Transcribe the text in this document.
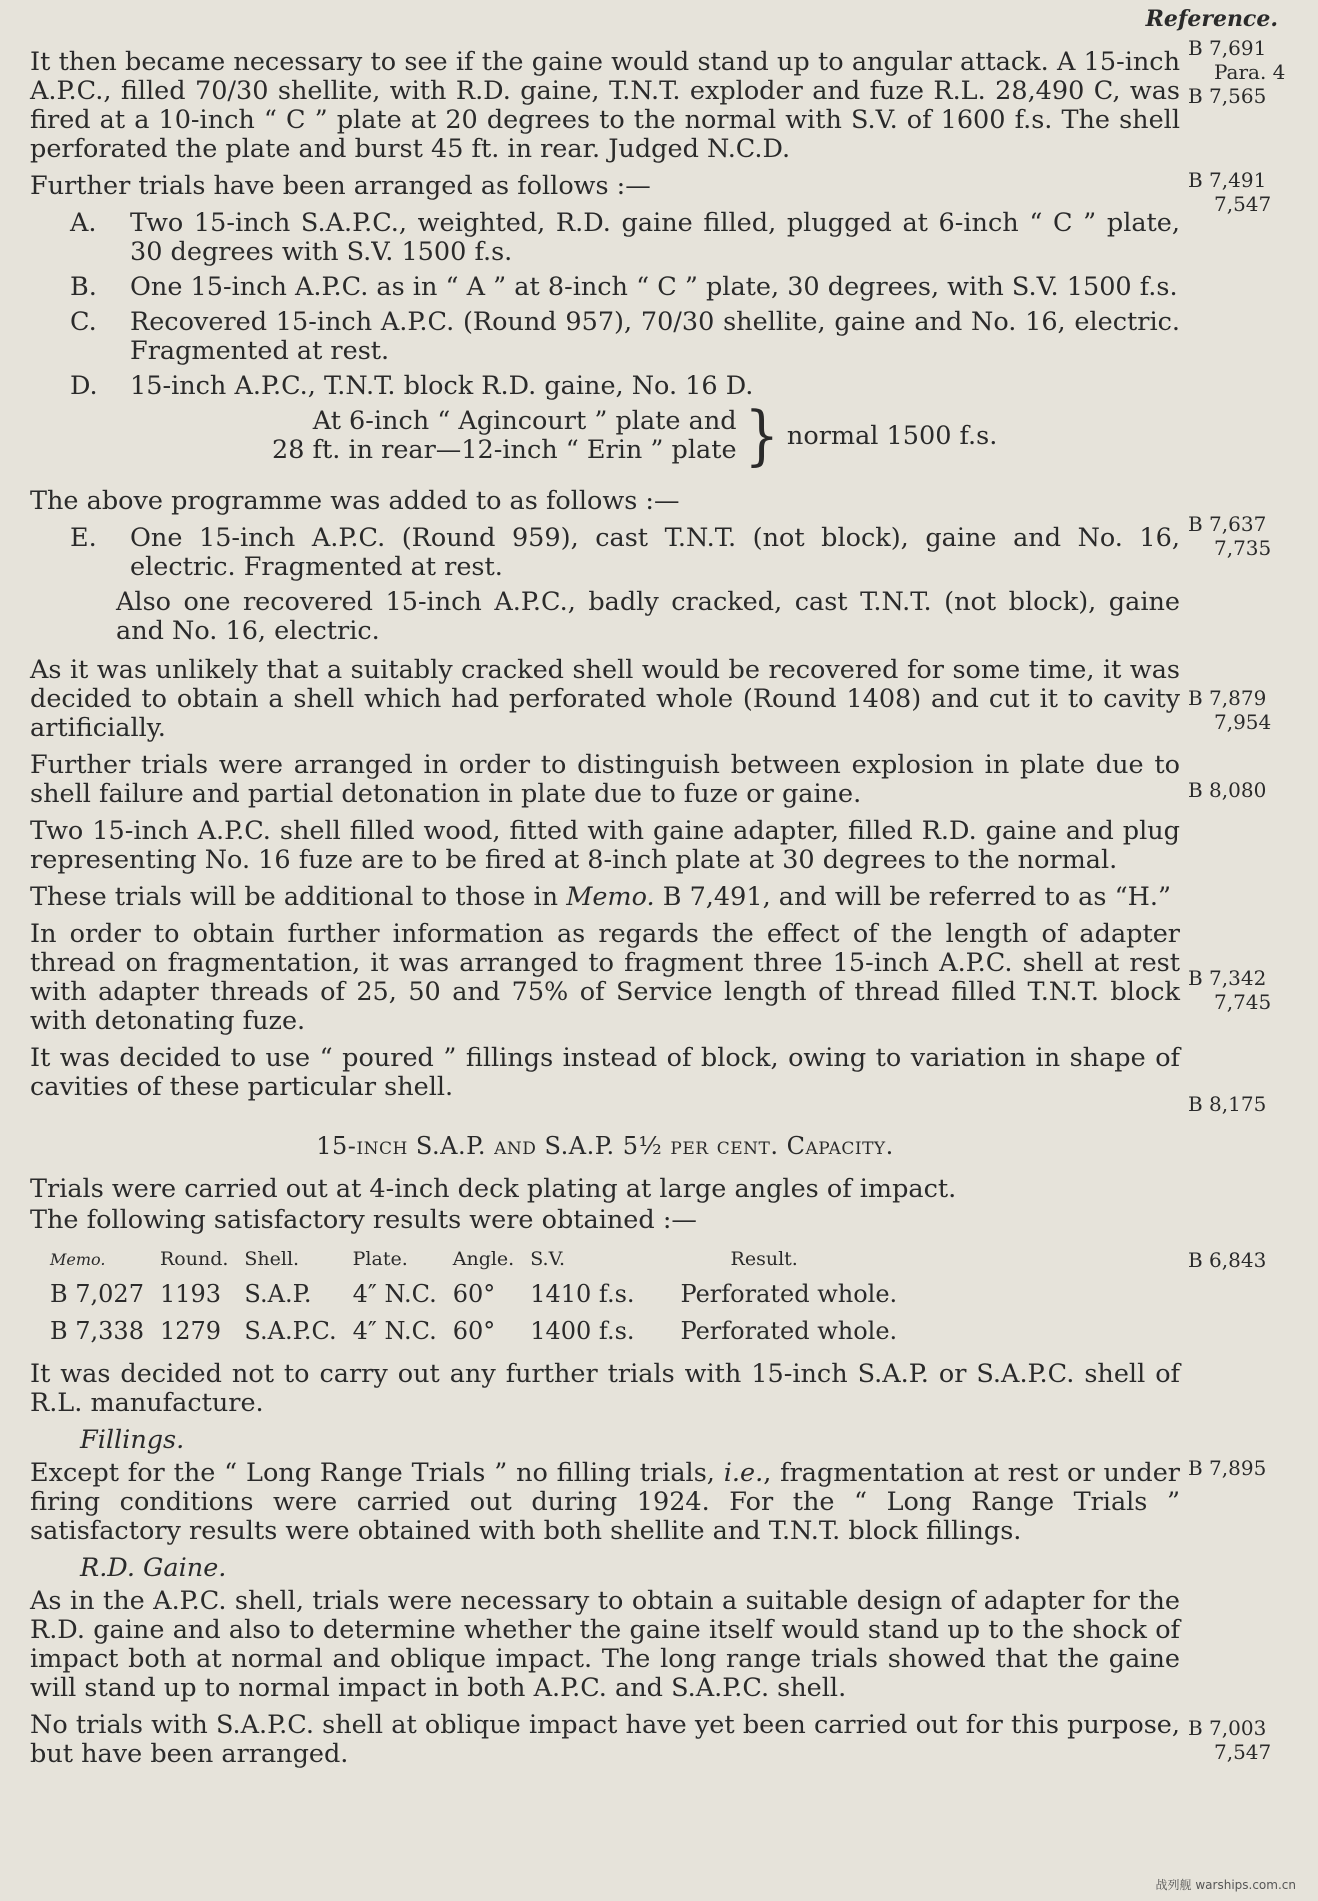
Reference.
B 7,691
Para. 4
B 7,565
B 7,491
7,547
B 7,637
7,735
B 7,879
7,954
B 8,080
B 7,342
7,745
B 8,175
B 6,843
B 7,895
B 7,003
7,547

It then became necessary to see if the gaine would stand up to angular attack. A 15-inch A.P.C., filled 70/30 shellite, with R.D. gaine, T.N.T. exploder and fuze R.L. 28,490 C, was fired at a 10-inch “ C ” plate at 20 degrees to the normal with S.V. of 1600 f.s. The shell perforated the plate and burst 45 ft. in rear. Judged N.C.D.

Further trials have been arranged as follows :—

A.	Two 15-inch S.A.P.C., weighted, R.D. gaine filled, plugged at 6-inch “ C ” plate, 30 degrees with S.V. 1500 f.s.
B.	One 15-inch A.P.C. as in “ A ” at 8-inch “ C ” plate, 30 degrees, with S.V. 1500 f.s.
C.	Recovered 15-inch A.P.C. (Round 957), 70/30 shellite, gaine and No. 16, electric. Fragmented at rest.
D.	15-inch A.P.C., T.N.T. block R.D. gaine, No. 16 D.
At 6-inch “ Agincourt ” plate and
28 ft. in rear—12-inch “ Erin ” plate } normal 1500 f.s.

The above programme was added to as follows :—

E.	One 15-inch A.P.C. (Round 959), cast T.N.T. (not block), gaine and No. 16, electric. Fragmented at rest.
Also one recovered 15-inch A.P.C., badly cracked, cast T.N.T. (not block), gaine and No. 16, electric.

As it was unlikely that a suitably cracked shell would be recovered for some time, it was decided to obtain a shell which had perforated whole (Round 1408) and cut it to cavity artificially.

Further trials were arranged in order to distinguish between explosion in plate due to shell failure and partial detonation in plate due to fuze or gaine.

Two 15-inch A.P.C. shell filled wood, fitted with gaine adapter, filled R.D. gaine and plug representing No. 16 fuze are to be fired at 8-inch plate at 30 degrees to the normal.

These trials will be additional to those in Memo. B 7,491, and will be referred to as “H.”

In order to obtain further information as regards the effect of the length of adapter thread on fragmentation, it was arranged to fragment three 15-inch A.P.C. shell at rest with adapter threads of 25, 50 and 75% of Service length of thread filled T.N.T. block with detonating fuze.

It was decided to use “ poured ” fillings instead of block, owing to variation in shape of cavities of these particular shell.

15-inch S.A.P. and S.A.P. 5½ per cent. Capacity.

Trials were carried out at 4-inch deck plating at large angles of impact.

The following satisfactory results were obtained :—

Memo.	Round.	Shell.	Plate.	Angle.	S.V.	Result.
B 7,027	1193	S.A.P.	4″ N.C.	60°	1410 f.s.	Perforated whole.
B 7,338	1279	S.A.P.C.	4″ N.C.	60°	1400 f.s.	Perforated whole.

It was decided not to carry out any further trials with 15-inch S.A.P. or S.A.P.C. shell of R.L. manufacture.

Fillings.

Except for the “ Long Range Trials ” no filling trials, i.e., fragmentation at rest or under firing conditions were carried out during 1924. For the “ Long Range Trials ” satisfactory results were obtained with both shellite and T.N.T. block fillings.

R.D. Gaine.

As in the A.P.C. shell, trials were necessary to obtain a suitable design of adapter for the R.D. gaine and also to determine whether the gaine itself would stand up to the shock of impact both at normal and oblique impact. The long range trials showed that the gaine will stand up to normal impact in both A.P.C. and S.A.P.C. shell.

No trials with S.A.P.C. shell at oblique impact have yet been carried out for this purpose, but have been arranged.

战列舰 warships.com.cn
